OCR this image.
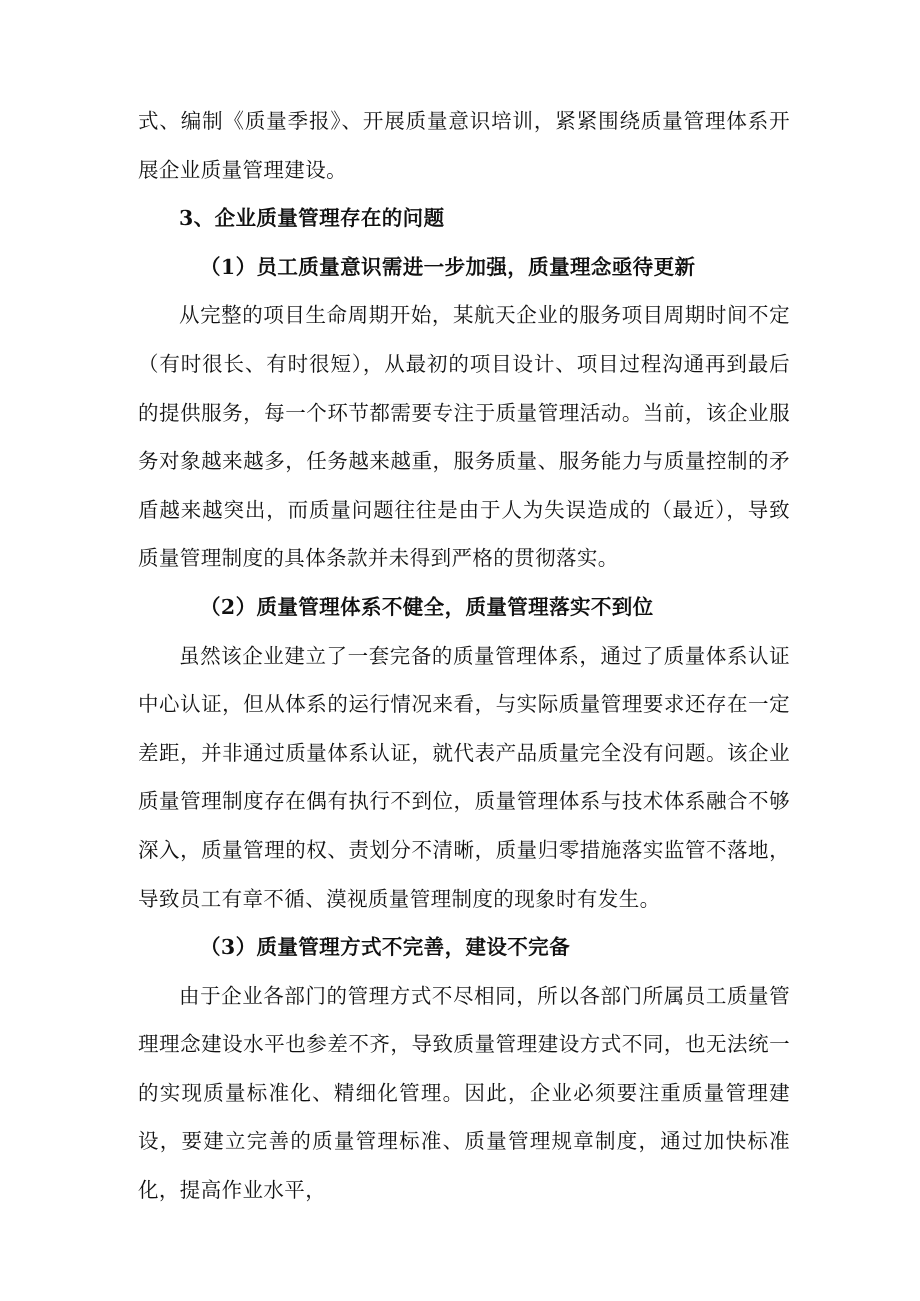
式、编制《质量季报》、开展质量意识培训，紧紧围绕质量管理体系开展企业质量管理建设。

3、企业质量管理存在的问题

（1）员工质量意识需进一步加强，质量理念亟待更新

从完整的项目生命周期开始，某航天企业的服务项目周期时间不定（有时很长、有时很短），从最初的项目设计、项目过程沟通再到最后的提供服务，每一个环节都需要专注于质量管理活动。当前，该企业服务对象越来越多，任务越来越重，服务质量、服务能力与质量控制的矛盾越来越突出，而质量问题往往是由于人为失误造成的（最近），导致质量管理制度的具体条款并未得到严格的贯彻落实。

（2）质量管理体系不健全，质量管理落实不到位

虽然该企业建立了一套完备的质量管理体系，通过了质量体系认证中心认证，但从体系的运行情况来看，与实际质量管理要求还存在一定差距，并非通过质量体系认证，就代表产品质量完全没有问题。该企业质量管理制度存在偶有执行不到位，质量管理体系与技术体系融合不够深入，质量管理的权、责划分不清晰，质量归零措施落实监管不落地，导致员工有章不循、漠视质量管理制度的现象时有发生。

（3）质量管理方式不完善，建设不完备

由于企业各部门的管理方式不尽相同，所以各部门所属员工质量管理理念建设水平也参差不齐，导致质量管理建设方式不同，也无法统一的实现质量标准化、精细化管理。因此，企业必须要注重质量管理建设，要建立完善的质量管理标准、质量管理规章制度，通过加快标准化，提高作业水平，
